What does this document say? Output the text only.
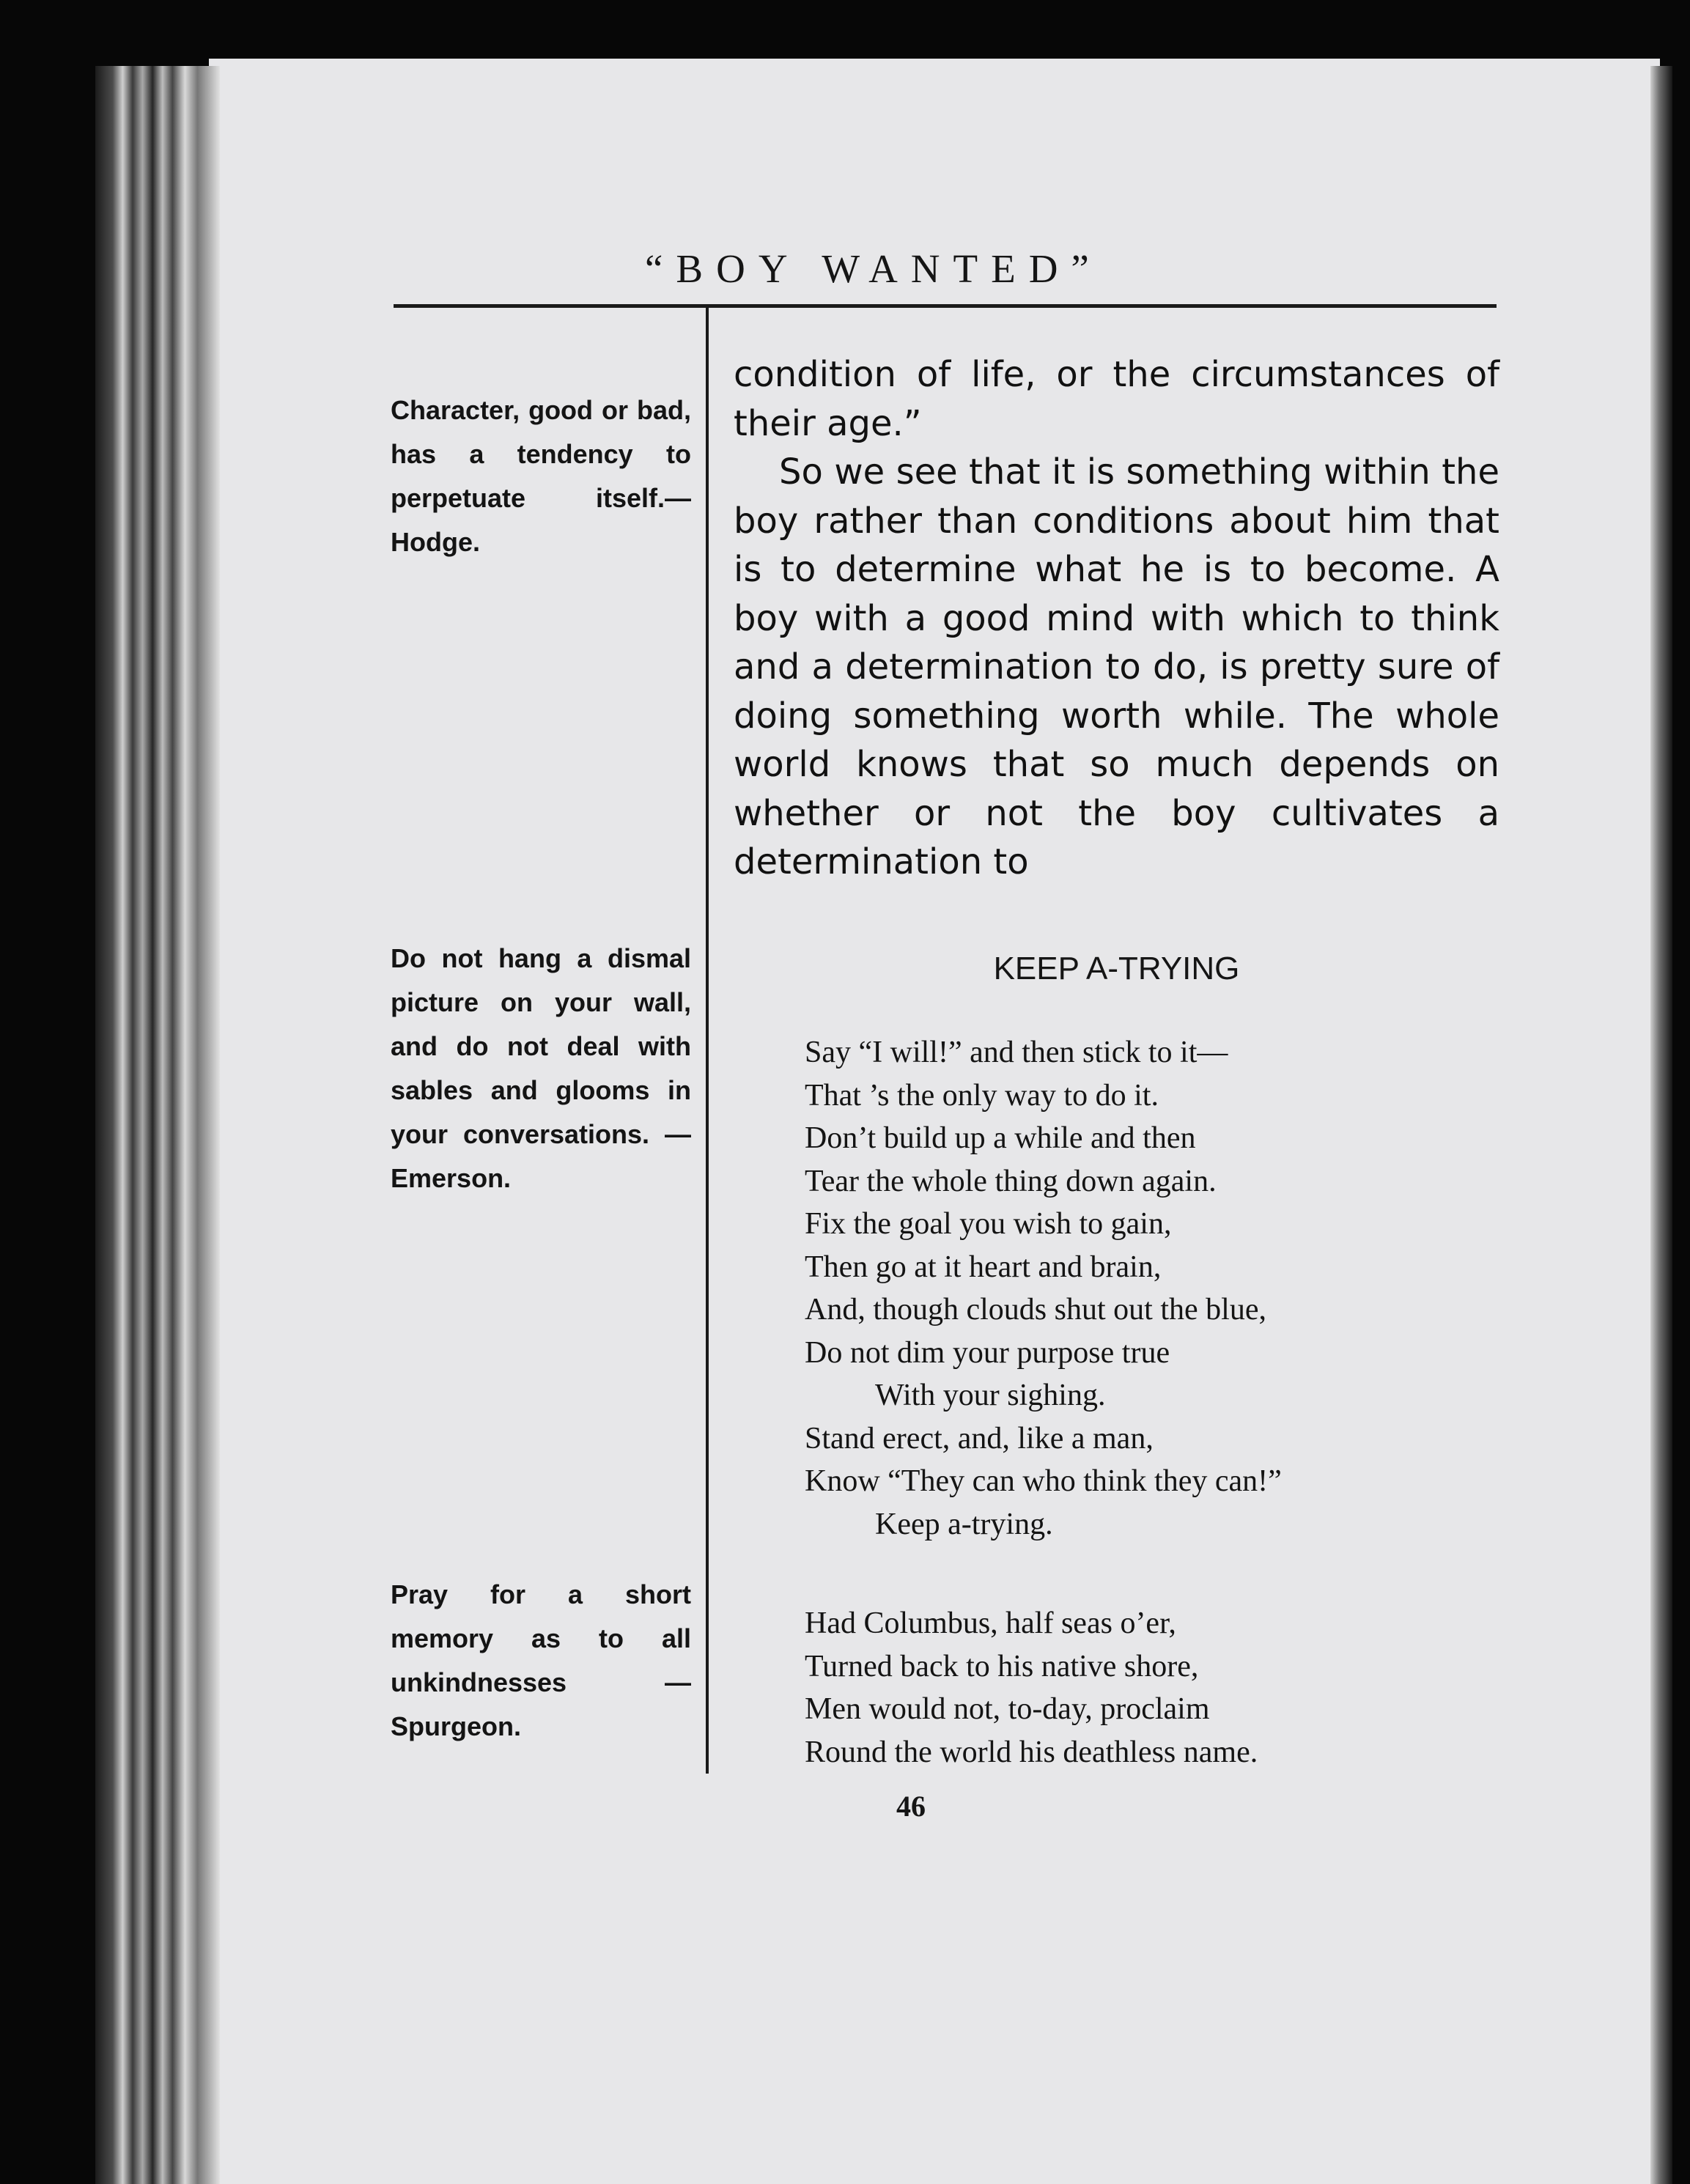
“BOY WANTED”
Character, good or bad, has a tendency to perpetuate itself.—Hodge.
Do not hang a dismal picture on your wall, and do not deal with sables and glooms in your conversations. —Emerson.
Pray for a short memory as to all unkindnesses —Spurgeon.

condition of life, or the circumstances of their age.”

So we see that it is something within the boy rather than conditions about him that is to determine what he is to become. A boy with a good mind with which to think and a determination to do, is pretty sure of doing something worth while. The whole world knows that so much depends on whether or not the boy cultivates a determination to

KEEP A-TRYING
Say “I will!” and then stick to it—
That ’s the only way to do it.
Don’t build up a while and then
Tear the whole thing down again.
Fix the goal you wish to gain,
Then go at it heart and brain,
And, though clouds shut out the blue,
Do not dim your purpose true
With your sighing.
Stand erect, and, like a man,
Know “They can who think they can!”
Keep a-trying.
Had Columbus, half seas o’er,
Turned back to his native shore,
Men would not, to-day, proclaim
Round the world his deathless name.
46
